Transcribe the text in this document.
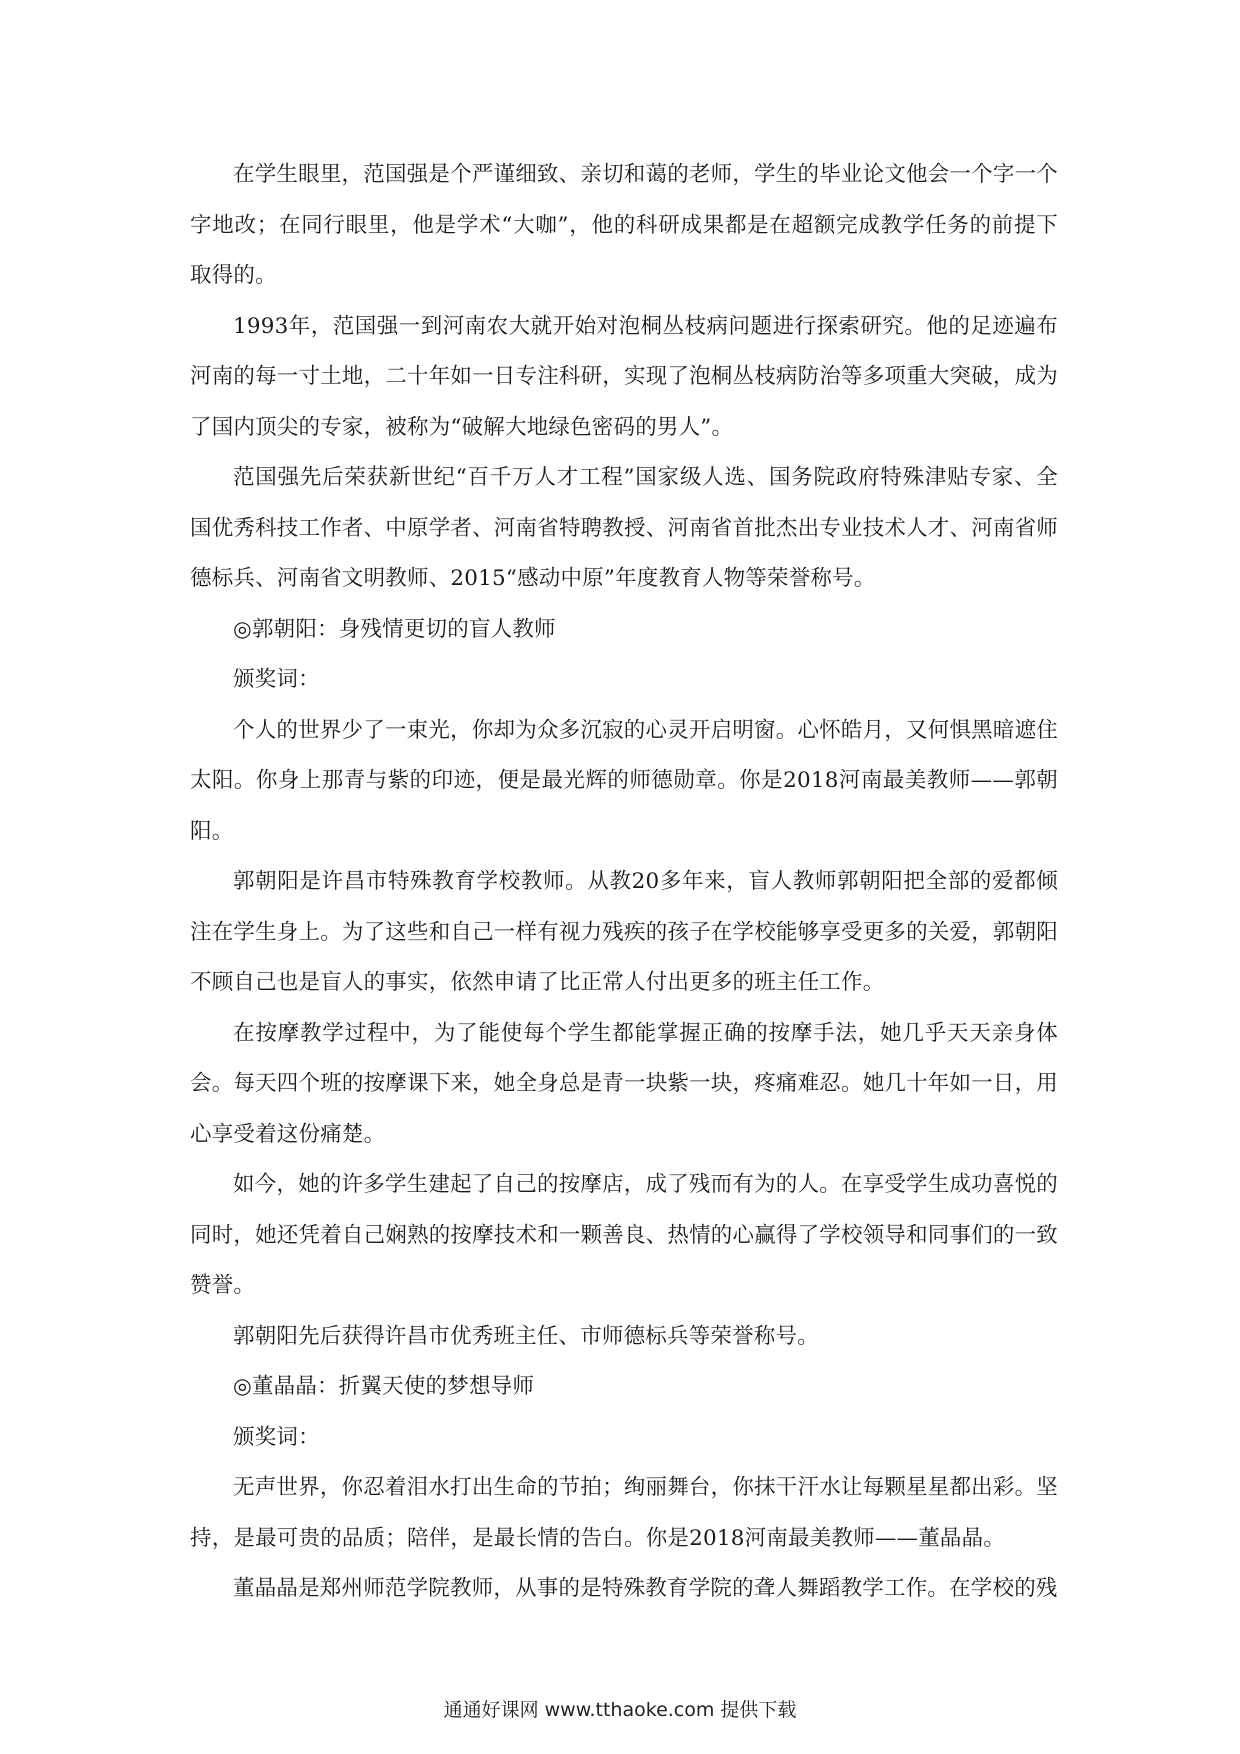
在学生眼里，范国强是个严谨细致、亲切和蔼的老师，学生的毕业论文他会一个字一个字地改；在同行眼里，他是学术“大咖”，他的科研成果都是在超额完成教学任务的前提下取得的。

1993年，范国强一到河南农大就开始对泡桐丛枝病问题进行探索研究。他的足迹遍布河南的每一寸土地，二十年如一日专注科研，实现了泡桐丛枝病防治等多项重大突破，成为了国内顶尖的专家，被称为“破解大地绿色密码的男人”。

范国强先后荣获新世纪“百千万人才工程”国家级人选、国务院政府特殊津贴专家、全国优秀科技工作者、中原学者、河南省特聘教授、河南省首批杰出专业技术人才、河南省师德标兵、河南省文明教师、2015“感动中原”年度教育人物等荣誉称号。

◎郭朝阳：身残情更切的盲人教师

颁奖词：

个人的世界少了一束光，你却为众多沉寂的心灵开启明窗。心怀皓月，又何惧黑暗遮住太阳。你身上那青与紫的印迹，便是最光辉的师德勋章。你是2018河南最美教师——郭朝阳。

郭朝阳是许昌市特殊教育学校教师。从教20多年来，盲人教师郭朝阳把全部的爱都倾注在学生身上。为了这些和自己一样有视力残疾的孩子在学校能够享受更多的关爱，郭朝阳不顾自己也是盲人的事实，依然申请了比正常人付出更多的班主任工作。

在按摩教学过程中，为了能使每个学生都能掌握正确的按摩手法，她几乎天天亲身体会。每天四个班的按摩课下来，她全身总是青一块紫一块，疼痛难忍。她几十年如一日，用心享受着这份痛楚。

如今，她的许多学生建起了自己的按摩店，成了残而有为的人。在享受学生成功喜悦的同时，她还凭着自己娴熟的按摩技术和一颗善良、热情的心赢得了学校领导和同事们的一致赞誉。

郭朝阳先后获得许昌市优秀班主任、市师德标兵等荣誉称号。

◎董晶晶：折翼天使的梦想导师

颁奖词：

无声世界，你忍着泪水打出生命的节拍；绚丽舞台，你抹干汗水让每颗星星都出彩。坚持，是最可贵的品质；陪伴，是最长情的告白。你是2018河南最美教师——董晶晶。

董晶晶是郑州师范学院教师，从事的是特殊教育学院的聋人舞蹈教学工作。在学校的残

通通好课网 www.tthaoke.com 提供下载
